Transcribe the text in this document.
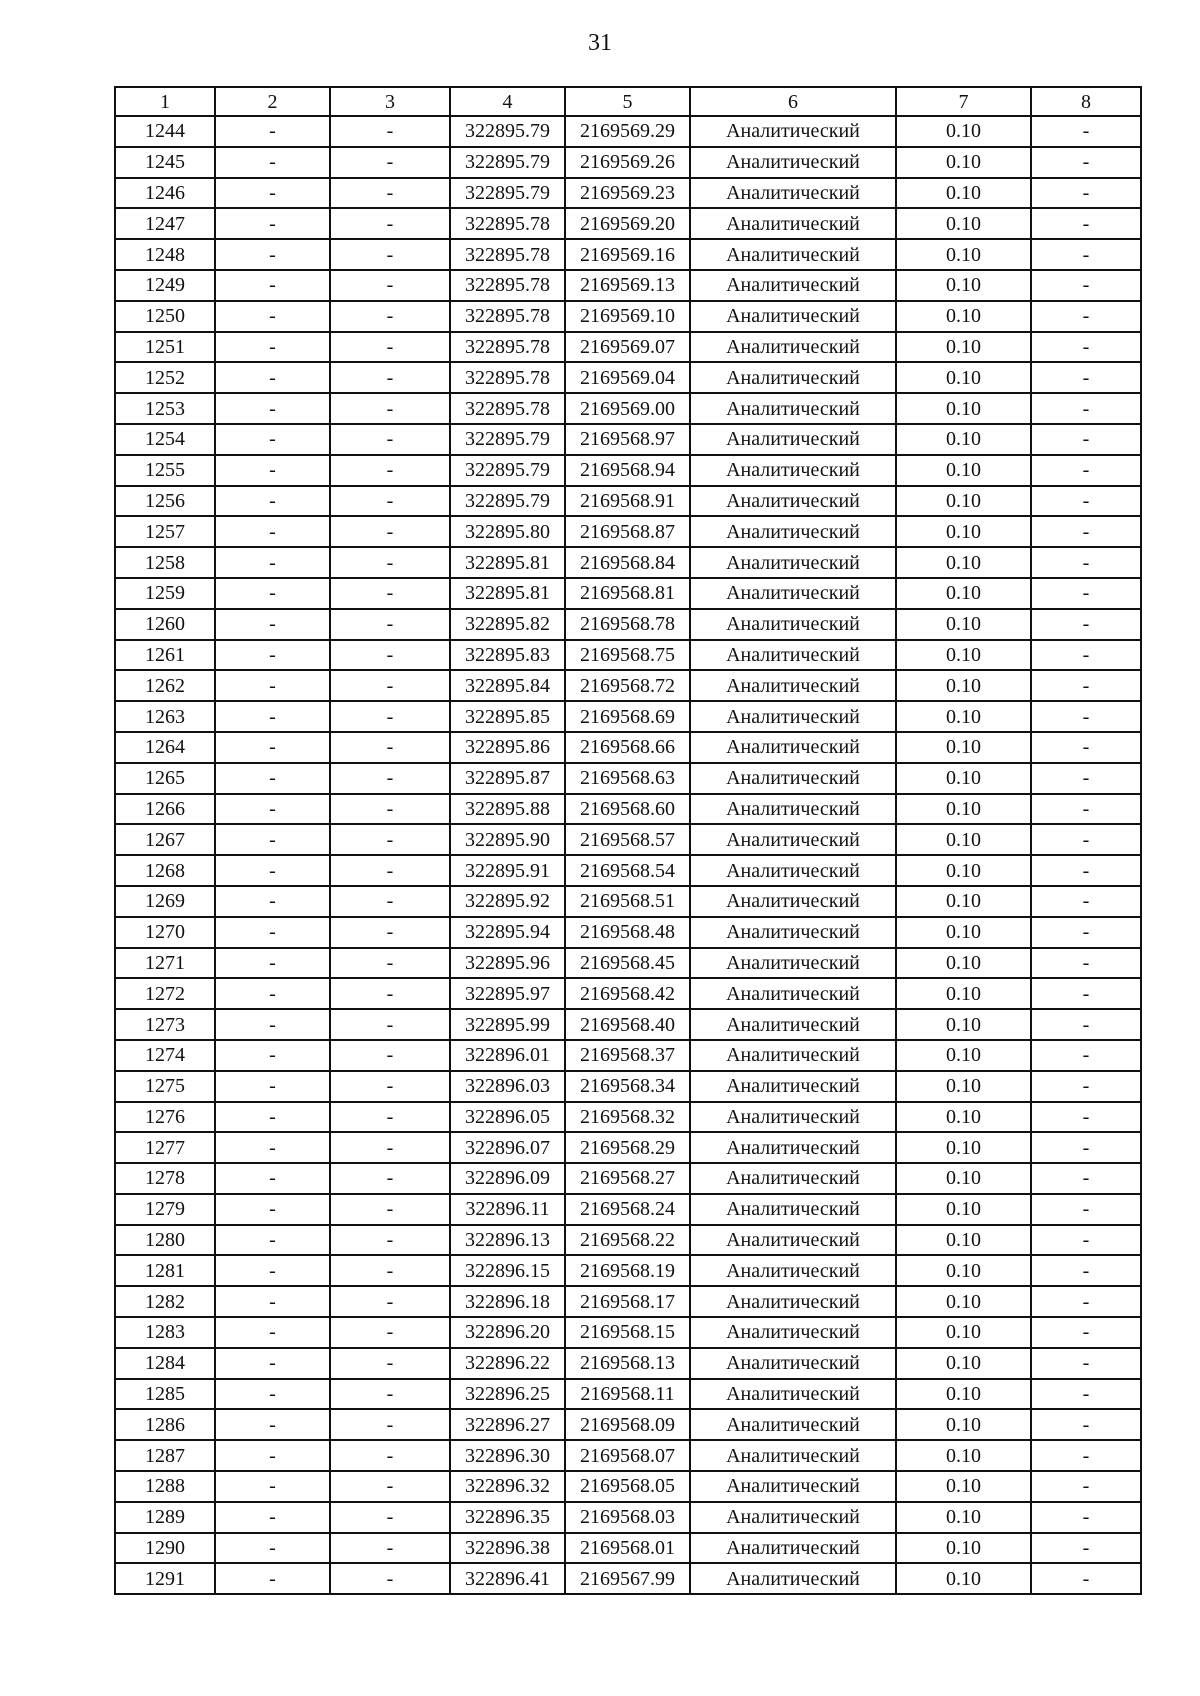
31
1	2	3	4	5	6	7	8
1244	-	-	322895.79	2169569.29	Аналитический	0.10	-
1245	-	-	322895.79	2169569.26	Аналитический	0.10	-
1246	-	-	322895.79	2169569.23	Аналитический	0.10	-
1247	-	-	322895.78	2169569.20	Аналитический	0.10	-
1248	-	-	322895.78	2169569.16	Аналитический	0.10	-
1249	-	-	322895.78	2169569.13	Аналитический	0.10	-
1250	-	-	322895.78	2169569.10	Аналитический	0.10	-
1251	-	-	322895.78	2169569.07	Аналитический	0.10	-
1252	-	-	322895.78	2169569.04	Аналитический	0.10	-
1253	-	-	322895.78	2169569.00	Аналитический	0.10	-
1254	-	-	322895.79	2169568.97	Аналитический	0.10	-
1255	-	-	322895.79	2169568.94	Аналитический	0.10	-
1256	-	-	322895.79	2169568.91	Аналитический	0.10	-
1257	-	-	322895.80	2169568.87	Аналитический	0.10	-
1258	-	-	322895.81	2169568.84	Аналитический	0.10	-
1259	-	-	322895.81	2169568.81	Аналитический	0.10	-
1260	-	-	322895.82	2169568.78	Аналитический	0.10	-
1261	-	-	322895.83	2169568.75	Аналитический	0.10	-
1262	-	-	322895.84	2169568.72	Аналитический	0.10	-
1263	-	-	322895.85	2169568.69	Аналитический	0.10	-
1264	-	-	322895.86	2169568.66	Аналитический	0.10	-
1265	-	-	322895.87	2169568.63	Аналитический	0.10	-
1266	-	-	322895.88	2169568.60	Аналитический	0.10	-
1267	-	-	322895.90	2169568.57	Аналитический	0.10	-
1268	-	-	322895.91	2169568.54	Аналитический	0.10	-
1269	-	-	322895.92	2169568.51	Аналитический	0.10	-
1270	-	-	322895.94	2169568.48	Аналитический	0.10	-
1271	-	-	322895.96	2169568.45	Аналитический	0.10	-
1272	-	-	322895.97	2169568.42	Аналитический	0.10	-
1273	-	-	322895.99	2169568.40	Аналитический	0.10	-
1274	-	-	322896.01	2169568.37	Аналитический	0.10	-
1275	-	-	322896.03	2169568.34	Аналитический	0.10	-
1276	-	-	322896.05	2169568.32	Аналитический	0.10	-
1277	-	-	322896.07	2169568.29	Аналитический	0.10	-
1278	-	-	322896.09	2169568.27	Аналитический	0.10	-
1279	-	-	322896.11	2169568.24	Аналитический	0.10	-
1280	-	-	322896.13	2169568.22	Аналитический	0.10	-
1281	-	-	322896.15	2169568.19	Аналитический	0.10	-
1282	-	-	322896.18	2169568.17	Аналитический	0.10	-
1283	-	-	322896.20	2169568.15	Аналитический	0.10	-
1284	-	-	322896.22	2169568.13	Аналитический	0.10	-
1285	-	-	322896.25	2169568.11	Аналитический	0.10	-
1286	-	-	322896.27	2169568.09	Аналитический	0.10	-
1287	-	-	322896.30	2169568.07	Аналитический	0.10	-
1288	-	-	322896.32	2169568.05	Аналитический	0.10	-
1289	-	-	322896.35	2169568.03	Аналитический	0.10	-
1290	-	-	322896.38	2169568.01	Аналитический	0.10	-
1291	-	-	322896.41	2169567.99	Аналитический	0.10	-
